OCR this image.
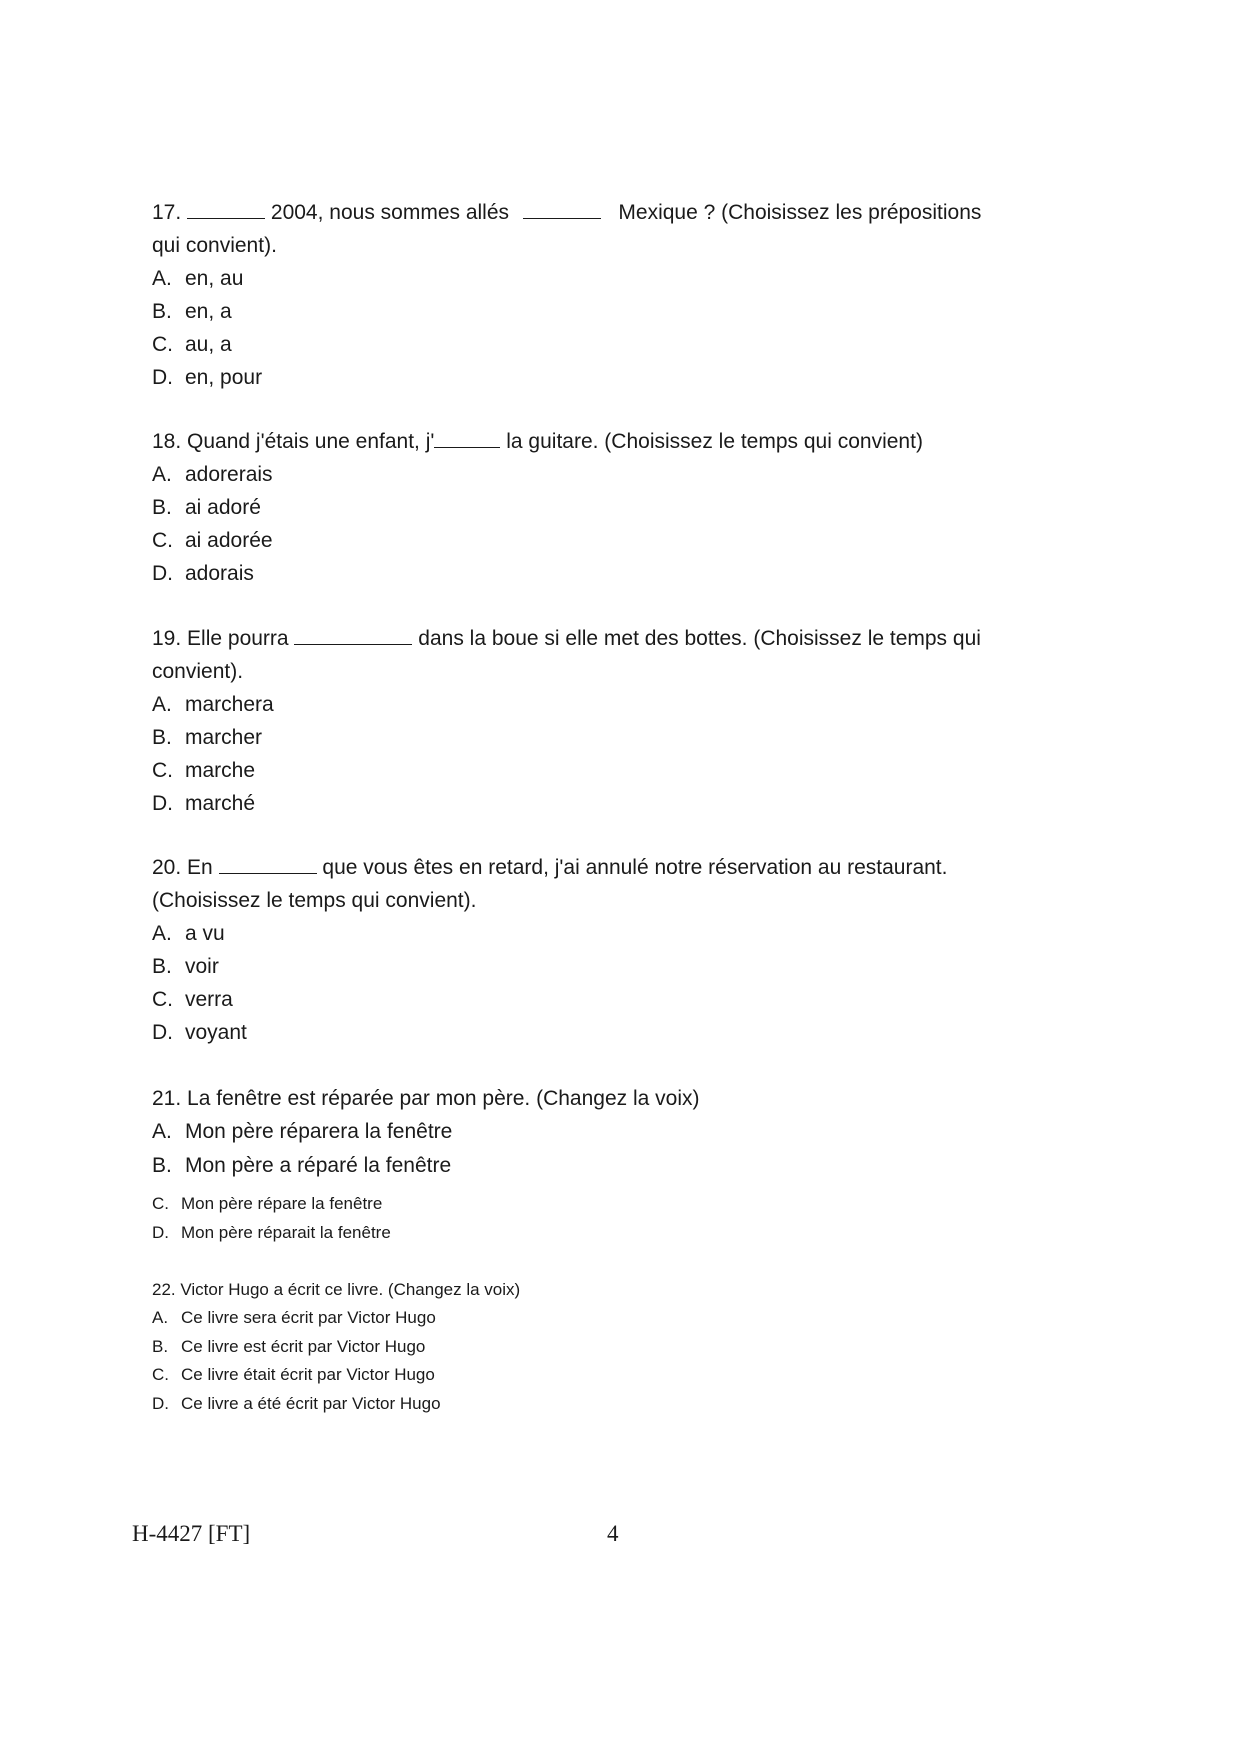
17.	2004, nous sommes allés	Mexique ? (Choisissez les prépositions
qui convient).

A. en, au
B. en, a
C. au, a
D. en, pour

18. Quand j'étais une enfant, j'	la guitare. (Choisissez le temps qui convient)

A. adorerais
B. ai adoré
C. ai adorée
D. adorais

19. Elle pourra	dans la boue si elle met des bottes. (Choisissez le temps qui
convient).

A. marchera
B. marcher
C. marche
D. marché

20. En	que vous êtes en retard, j'ai annulé notre réservation au restaurant.
(Choisissez le temps qui convient).

A. a vu
B. voir
C. verra
D. voyant

21. La fenêtre est réparée par mon père. (Changez la voix)

A. Mon père réparera la fenêtre
B. Mon père a réparé la fenêtre
C. Mon père répare la fenêtre
D. Mon père réparait la fenêtre

22. Victor Hugo a écrit ce livre. (Changez la voix)

A. Ce livre sera écrit par Victor Hugo
B. Ce livre est écrit par Victor Hugo
C. Ce livre était écrit par Victor Hugo
D. Ce livre a été écrit par Victor Hugo
H-4427 [FT]	4
